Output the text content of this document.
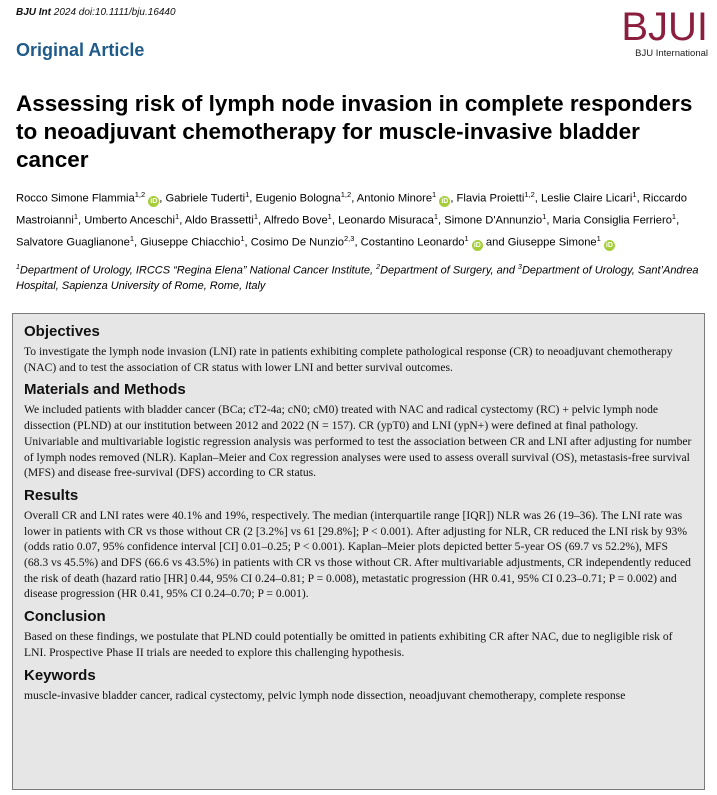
BJU Int 2024 doi:10.1111/bju.16440	BJUI
BJU International
Original Article
Assessing risk of lymph node invasion in complete responders to neoadjuvant chemotherapy for muscle-invasive bladder cancer
Rocco Simone Flammia$^{1,2}$ iD , Gabriele Tuderti$^1$, Eugenio Bologna$^{1,2}$, Antonio Minore$^1$ iD , Flavia Proietti$^{1,2}$, Leslie Claire Licari$^1$, Riccardo Mastroianni$^1$, Umberto Anceschi$^1$, Aldo Brassetti$^1$, Alfredo Bove$^1$, Leonardo Misuraca$^1$, Simone D'Annunzio$^1$, Maria Consiglia Ferriero$^1$, Salvatore Guaglianone$^1$, Giuseppe Chiacchio$^1$, Cosimo De Nunzio$^{2,3}$, Costantino Leonardo$^1$ iD and Giuseppe Simone$^1$ iD
$^1$Department of Urology, IRCCS “Regina Elena” National Cancer Institute, $^2$Department of Surgery, and $^3$Department of Urology, Sant’Andrea Hospital, Sapienza University of Rome, Rome, Italy
Objectives

To investigate the lymph node invasion (LNI) rate in patients exhibiting complete pathological response (CR) to neoadjuvant chemotherapy (NAC) and to test the association of CR status with lower LNI and better survival outcomes.

Materials and Methods

We included patients with bladder cancer (BCa; cT2-4a; cN0; cM0) treated with NAC and radical cystectomy (RC) + pelvic lymph node dissection (PLND) at our institution between 2012 and 2022 (N = 157). CR (ypT0) and LNI (ypN+) were defined at final pathology. Univariable and multivariable logistic regression analysis was performed to test the association between CR and LNI after adjusting for number of lymph nodes removed (NLR). Kaplan–Meier and Cox regression analyses were used to assess overall survival (OS), metastasis-free survival (MFS) and disease free-survival (DFS) according to CR status.

Results

Overall CR and LNI rates were 40.1% and 19%, respectively. The median (interquartile range [IQR]) NLR was 26 (19–36). The LNI rate was lower in patients with CR vs those without CR (2 [3.2%] vs 61 [29.8%]; P < 0.001). After adjusting for NLR, CR reduced the LNI risk by 93% (odds ratio 0.07, 95% confidence interval [CI] 0.01–0.25; P < 0.001). Kaplan–Meier plots depicted better 5-year OS (69.7 vs 52.2%), MFS (68.3 vs 45.5%) and DFS (66.6 vs 43.5%) in patients with CR vs those without CR. After multivariable adjustments, CR independently reduced the risk of death (hazard ratio [HR] 0.44, 95% CI 0.24–0.81; P = 0.008), metastatic progression (HR 0.41, 95% CI 0.23–0.71; P = 0.002) and disease progression (HR 0.41, 95% CI 0.24–0.70; P = 0.001).

Conclusion

Based on these findings, we postulate that PLND could potentially be omitted in patients exhibiting CR after NAC, due to negligible risk of LNI. Prospective Phase II trials are needed to explore this challenging hypothesis.

Keywords

muscle-invasive bladder cancer, radical cystectomy, pelvic lymph node dissection, neoadjuvant chemotherapy, complete response
